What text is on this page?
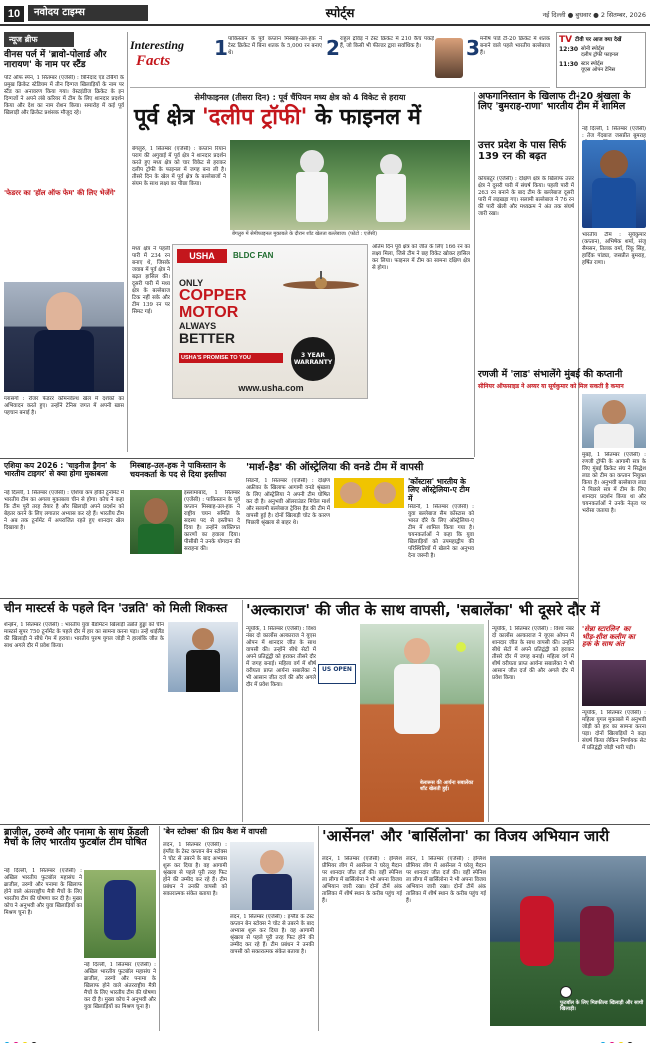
10	नवोदय टाइम्स	स्पोर्ट्स	नई दिल्ली ● बुधवार ● 2 सितम्बर, 2026
न्यूज ब्रीफ
वीनस पर्ल में 'ब्रावो-पोलार्ड और नारायण' के नाम पर स्टैंड
पोर्ट ऑफ स्पेन, 1 सितम्बर (एजेंसी) : त्रिनिदाद एंड टोबैगो के प्रमुख क्रिकेट स्टेडियम में तीन दिग्गज खिलाड़ियों के नाम पर स्टैंड का अनावरण किया गया। वेस्टइंडीज क्रिकेट के इन दिग्गजों ने अपने लंबे करियर में टीम के लिए शानदार प्रदर्शन किया और देश का नाम रोशन किया। समारोह में कई पूर्व खिलाड़ी और क्रिकेट प्रशंसक मौजूद रहे।
'फेडरर का 'हॉल ऑफ फेम' की लिए भेजेंगे'
ग्लासगो : रोजर फेडरर कॉमनवेल्थ खेल में दर्शकों का अभिवादन करते हुए। उन्होंने टेनिस जगत में अपनी खास पहचान बनाई है।
Interesting
Facts
1 पाकिस्तान के पूर्व कप्तान मिस्बाह-उल-हक ने टेस्ट क्रिकेट में बिना शतक के 5,000 रन बनाए थे।	2 राहुल द्रविड़ ने टेस्ट क्रिकेट में 210 कैच पकड़े हैं, जो किसी भी फील्डर द्वारा सर्वाधिक है।	3 मनीष पांडे टी-20 क्रिकेट में शतक बनाने वाले पहले भारतीय बल्लेबाज हैं।
TV टीवी पर आज क्या देखें
12:30 सोनी स्पोर्ट्स
दलीप ट्रॉफी फाइनल
11:30 स्टार स्पोर्ट्स
यूएस ओपन टेनिस
सेमीफाइनल (तीसरा दिन) : पूर्व चैंपियन मध्य क्षेत्र को 4 विकेट से हराया
पूर्व क्षेत्र 'दलीप ट्रॉफी' के फाइनल में
बेंगलुरु में सेमीफाइनल मुकाबले के दौरान शॉट खेलता बल्लेबाज। (फोटो : एजेंसी)
बेंगलुरु, 1 सितम्बर (एजेंसी) : कप्तान रियान पराग की अगुवाई में पूर्व क्षेत्र ने शानदार प्रदर्शन करते हुए मध्य क्षेत्र को चार विकेट से हराकर दलीप ट्रॉफी के फाइनल में जगह बना ली है। तीसरे दिन के खेल में पूर्व क्षेत्र के बल्लेबाजों ने संयम के साथ लक्ष्य का पीछा किया।
USHA	BLDC FAN
ONLY
COPPER
MOTOR
ALWAYS
BETTER
USHA'S PROMISE TO YOU	3 YEAR WARRANTY
www.usha.com
मध्य क्षेत्र ने पहली पारी में 234 रन बनाए थे, जिसके जवाब में पूर्व क्षेत्र ने बढ़त हासिल की। दूसरी पारी में मध्य क्षेत्र के बल्लेबाज टिक नहीं सके और टीम 139 रन पर सिमट गई।
अंतिम दिन पूर्व क्षेत्र को जीत के लिए 166 रन का लक्ष्य मिला, जिसे टीम ने छह विकेट खोकर हासिल कर लिया। फाइनल में टीम का सामना दक्षिण क्षेत्र से होगा।
उत्तर प्रदेश के पास सिर्फ 139 रन की बढ़त
कोयंबटूर (एजेंसी) : दक्षिण क्षेत्र के खिलाफ उत्तर क्षेत्र ने दूसरी पारी में संघर्ष किया। पहली पारी में 263 रन बनाने के बाद टीम के बल्लेबाज दूसरी पारी में लड़खड़ा गए। सलामी बल्लेबाज ने 76 रन की पारी खेली और मध्यक्रम ने अंत तक संघर्ष जारी रखा।
अफगानिस्तान के खिलाफ टी-20 श्रृंखला के लिए 'बुमराह-राणा' भारतीय टीम में शामिल
नई दिल्ली, 1 सितम्बर (एजेंसी) : तेज गेंदबाज जसप्रीत बुमराह
भारतीय टीम : सूर्यकुमार (कप्तान), अभिषेक शर्मा, संजू सैमसन, तिलक वर्मा, रिंकू सिंह, हार्दिक पांड्या, जसप्रीत बुमराह, हर्षित राणा।
रणजी में 'लाड' संभालेंगे मुंबई की कप्तानी
सीनियर ऑफसाइड ने अय्यर या सूर्यकुमार को मिल सकती है कमान
मुंबई, 1 सितम्बर (एजेंसी) : रणजी ट्रॉफी के आगामी सत्र के लिए मुंबई क्रिकेट संघ ने सिद्धेश लाड को टीम का कप्तान नियुक्त किया है। अनुभवी बल्लेबाज लाड ने पिछले सत्र में टीम के लिए शानदार प्रदर्शन किया था और चयनकर्ताओं ने उनके नेतृत्व पर भरोसा जताया है।
एशिया कप 2026 : 'चाइनीज ड्रैगन' के भारतीय टाइगर' से क्या होगा मुकाबला
नई दिल्ली, 1 सितम्बर (एजेंसी) : एशिया कप हॉकी टूर्नामेंट में भारतीय टीम का अगला मुकाबला चीन से होगा। कोच ने कहा कि टीम पूरी तरह तैयार है और खिलाड़ी अपने प्रदर्शन को बेहतर करने के लिए लगातार अभ्यास कर रहे हैं। भारतीय टीम ने अब तक टूर्नामेंट में अपराजित रहते हुए शानदार खेल दिखाया है।
मिस्बाह-उल-हक ने पाकिस्तान के चयनकर्ता के पद से दिया इस्तीफा
इस्लामाबाद, 1 सितम्बर (एजेंसी) : पाकिस्तान के पूर्व कप्तान मिस्बाह-उल-हक ने राष्ट्रीय चयन समिति के सदस्य पद से इस्तीफा दे दिया है। उन्होंने व्यक्तिगत कारणों का हवाला दिया। पीसीबी ने उनके योगदान की सराहना की।
'मार्श-हैड' की ऑस्ट्रेलिया की वनडे टीम में वापसी
सिडनी, 1 सितम्बर (एजेंसी) : दक्षिण अफ्रीका के खिलाफ आगामी वनडे श्रृंखला के लिए ऑस्ट्रेलिया ने अपनी टीम घोषित कर दी है। अनुभवी ऑलराउंडर मिचेल मार्श और सलामी बल्लेबाज ट्रेविस हैड की टीम में वापसी हुई है। दोनों खिलाड़ी चोट के कारण पिछली श्रृंखला से बाहर थे।
'कोंस्टास' भारतीय के लिए ऑस्ट्रेलिया-ए टीम में
सिडनी, 1 सितम्बर (एजेंसी) : युवा बल्लेबाज सैम कोंस्टास को भारत दौरे के लिए ऑस्ट्रेलिया-ए टीम में शामिल किया गया है। चयनकर्ताओं ने कहा कि युवा खिलाड़ियों को उपमहाद्वीप की परिस्थितियों में खेलने का अनुभव देना जरूरी है।
चीन मास्टर्स के पहले दिन 'उन्नति' को मिली शिकस्त
शेन्झेन, 1 सितम्बर (एजेंसी) : भारतीय युवा बैडमिंटन खिलाड़ी उन्नति हुड्डा को चीन मास्टर्स सुपर 750 टूर्नामेंट के पहले दौर में हार का सामना करना पड़ा। उन्हें थाईलैंड की खिलाड़ी ने सीधे गेम में हराया। भारतीय पुरुष युगल जोड़ी ने हालांकि जीत के साथ अगले दौर में प्रवेश किया।
'अल्काराज' की जीत के साथ वापसी, 'सबालेंका' भी दूसरे दौर में
न्यूयॉर्क, 1 सितम्बर (एजेंसी) : विश्व नंबर दो कार्लोस अल्काराज ने यूएस ओपन में शानदार जीत के साथ वापसी की। उन्होंने सीधे सेटों में अपने प्रतिद्वंद्वी को हराकर तीसरे दौर में जगह बनाई। महिला वर्ग में शीर्ष वरीयता प्राप्त आर्यना सबालेंका ने भी आसान जीत दर्ज की और अगले दौर में प्रवेश किया।
US OPEN
बेलारूस की आर्यना सबालेंका शॉट खेलती हुई।
न्यूयॉर्क, 1 सितम्बर (एजेंसी) : विश्व नंबर दो कार्लोस अल्काराज ने यूएस ओपन में शानदार जीत के साथ वापसी की। उन्होंने सीधे सेटों में अपने प्रतिद्वंद्वी को हराकर तीसरे दौर में जगह बनाई। महिला वर्ग में शीर्ष वरीयता प्राप्त आर्यना सबालेंका ने भी आसान जीत दर्ज की और अगले दौर में प्रवेश किया।
'सेन्ना स्टारलिन' का भीड़-शीश कलीम का हक के साथ अंत
न्यूयॉर्क, 1 सितम्बर (एजेंसी) : महिला युगल मुकाबले में अनुभवी जोड़ी को हार का सामना करना पड़ा। दोनों खिलाड़ियों ने कड़ा संघर्ष किया लेकिन निर्णायक सेट में प्रतिद्वंद्वी जोड़ी भारी पड़ी।
ब्राजील, उरुग्वे और पनामा के साथ फ्रेंडली मैचों के लिए भारतीय फुटबॉल टीम घोषित
नई दिल्ली, 1 सितम्बर (एजेंसी) : अखिल भारतीय फुटबॉल महासंघ ने ब्राजील, उरुग्वे और पनामा के खिलाफ होने वाले अंतरराष्ट्रीय मैत्री मैचों के लिए भारतीय टीम की घोषणा कर दी है। मुख्य कोच ने अनुभवी और युवा खिलाड़ियों का मिश्रण चुना है।
नई दिल्ली, 1 सितम्बर (एजेंसी) : अखिल भारतीय फुटबॉल महासंघ ने ब्राजील, उरुग्वे और पनामा के खिलाफ होने वाले अंतरराष्ट्रीय मैत्री मैचों के लिए भारतीय टीम की घोषणा कर दी है। मुख्य कोच ने अनुभवी और युवा खिलाड़ियों का मिश्रण चुना है।
'बेन स्टोक्स' की प्रिय कैश में वापसी
लंदन, 1 सितम्बर (एजेंसी) : इंग्लैंड के टेस्ट कप्तान बेन स्टोक्स ने चोट से उबरने के बाद अभ्यास शुरू कर दिया है। वह आगामी श्रृंखला से पहले पूरी तरह फिट होने की उम्मीद कर रहे हैं। टीम प्रबंधन ने उनकी वापसी को सकारात्मक संकेत बताया है।
लंदन, 1 सितम्बर (एजेंसी) : इंग्लैंड के टेस्ट कप्तान बेन स्टोक्स ने चोट से उबरने के बाद अभ्यास शुरू कर दिया है। वह आगामी श्रृंखला से पहले पूरी तरह फिट होने की उम्मीद कर रहे हैं। टीम प्रबंधन ने उनकी वापसी को सकारात्मक संकेत बताया है।
'आर्सेनल' और 'बार्सिलोना' का विजय अभियान जारी
लंदन, 1 सितम्बर (एजेंसी) : इंग्लिश प्रीमियर लीग में आर्सेनल ने घरेलू मैदान पर शानदार जीत दर्ज की। वहीं स्पेनिश ला लीगा में बार्सिलोना ने भी अपना विजय अभियान जारी रखा। दोनों टीमें अंक तालिका में शीर्ष स्थान के करीब पहुंच गई हैं।
लंदन, 1 सितम्बर (एजेंसी) : इंग्लिश प्रीमियर लीग में आर्सेनल ने घरेलू मैदान पर शानदार जीत दर्ज की। वहीं स्पेनिश ला लीगा में बार्सिलोना ने भी अपना विजय अभियान जारी रखा। दोनों टीमें अंक तालिका में शीर्ष स्थान के करीब पहुंच गई हैं।
फुटबॉल के लिए मिडफील्ड खिलाड़ी और साथी खिलाड़ी।
